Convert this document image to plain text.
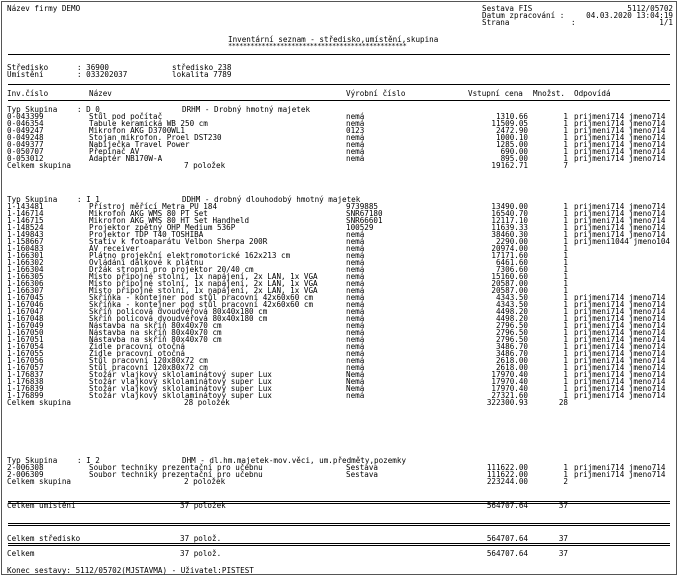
Název firmy DEMO	Sestava FIS	5112/05702
Datum zpracování :	04.03.2020 13:04:19
Strana	:	1/1
Inventární seznam - středisko,umístění,skupina
************************************************
Středisko	: 36900	středisko 238
Umístění	: 033202037	lokalita 7789
Inv.číslo	Název	Výrobní číslo	Vstupní cena Množst. Odpovídá
Typ Skupina	: D 0	DRHM - Drobný hmotný majetek
0-043399	Stůl pod počítač	nemá	1310.66	1 prijmeni714 jmeno714
0-046354	Tabule keramická WB 250 cm	nemá	11509.05	1 prijmeni714 jmeno714
0-049247	Mikrofon AKG D3700WL1	0123	2472.90	1 prijmeni714 jmeno714
0-049248	Stojan mikrofon. Proel DST230	nemá	1000.10	1 prijmeni714 jmeno714
0-049377	Nabíječka Travel Power	nemá	1285.00	1 prijmeni714 jmeno714
0-050707	Přepínač AV	nemá	690.00	1 prijmeni714 jmeno714
0-053012	Adaptér NB170W-A	nemá	895.00	1 prijmeni714 jmeno714
Celkem skupina	7 položek	19162.71	7
Typ Skupina	: I 1	DDHM - drobný dlouhodobý hmotný majetek
1-143481	Přístroj měřící Metra PU 184	9739885	13490.00	1 prijmeni714 jmeno714
1-146714	Mikrofon AKG WMS 80 PT Set	SNR67180	16540.70	1 prijmeni714 jmeno714
1-146715	Mikrofon AKG WMS 80 HT Set Handheld	SNR66601	12117.10	1 prijmeni714 jmeno714
1-148524	Projektor zpětný OHP Medium 536P	100529	11639.33	1 prijmeni714 jmeno714
1-149843	Projektor TDP T40 TOSHIBA	nemá	38460.30	1 prijmeni714 jmeno714
1-158667	Stativ k fotoaparátu Velbon Sherpa 200R	nemá	2290.00	1 prijmeni1044 jmeno104
1-160483	AV receiver	nemá	20974.00	1
1-166301	Plátno projekční elektromotorické 162x213 cm	nemá	17171.60	1
1-166302	Ovládání dálkové k plátnu	nemá	6461.60	1
1-166304	Držák stropní pro projektor 20/40 cm	nemá	7306.60	1
1-166305	Místo připojné stolní, 1x napájení, 2x LAN, 1x VGA	nemá	15160.60	1
1-166306	Místo připojné stolní, 1x napájení, 2x LAN, 1x VGA	nemá	20587.00	1
1-166307	Místo připojné stolní, 1x napájení, 2x LAN, 1x VGA	nemá	20587.00	1
1-167045	Skříňka - kontejner pod stůl pracovní 42x60x60 cm	nemá	4343.50	1 prijmeni714 jmeno714
1-167046	Skříňka - kontejner pod stůl pracovní 42x60x60 cm	nemá	4343.50	1 prijmeni714 jmeno714
1-167047	Skříň policová dvoudvéřová 80x40x180 cm	nemá	4498.20	1 prijmeni714 jmeno714
1-167048	Skříň policová dvoudvéřová 80x40x180 cm	nemá	4498.20	1 prijmeni714 jmeno714
1-167049	Nástavba na skříň 80x40x70 cm	nemá	2796.50	1 prijmeni714 jmeno714
1-167050	Nástavba na skříň 80x40x70 cm	nemá	2796.50	1 prijmeni714 jmeno714
1-167051	Nástavba na skříň 80x40x70 cm	nemá	2796.50	1 prijmeni714 jmeno714
1-167054	Židle pracovní otočná	nemá	3486.70	1 prijmeni714 jmeno714
1-167055	Židle pracovní otočná	nemá	3486.70	1 prijmeni714 jmeno714
1-167056	Stůl pracovní 120x80x72 cm	nemá	2618.00	1 prijmeni714 jmeno714
1-167057	Stůl pracovní 120x80x72 cm	nemá	2618.00	1 prijmeni714 jmeno714
1-176837	Stožár vlajkový sklolaminátový super Lux	Nemá	17970.40	1 prijmeni714 jmeno714
1-176838	Stožár vlajkový sklolaminátový super Lux	Nemá	17970.40	1 prijmeni714 jmeno714
1-176839	Stožár vlajkový sklolaminátový super Lux	Nemá	17970.40	1 prijmeni714 jmeno714
1-176899	Stožár vlajkový sklolaminátový super Lux	nemá	27321.60	1 prijmeni714 jmeno714
Celkem skupina	28 položek	322300.93	28
Typ Skupina	: I 2	DHM - dl.hm.majetek-mov.věci, um.předměty,pozemky
2-006308	Soubor techniky prezentační pro učebnu	Sestava	111622.00	1 prijmeni714 jmeno714
2-006309	Soubor techniky prezentační pro učebnu	Sestava	111622.00	1 prijmeni714 jmeno714
Celkem skupina	2 položek	223244.00	2
Celkem umístění	37 položek	564707.64	37
Celkem středisko	37 polož.	564707.64	37
Celkem	37 polož.	564707.64	37
Konec sestavy: 5112/05702(MJSTAVMA) - Uživatel:PISTEST
